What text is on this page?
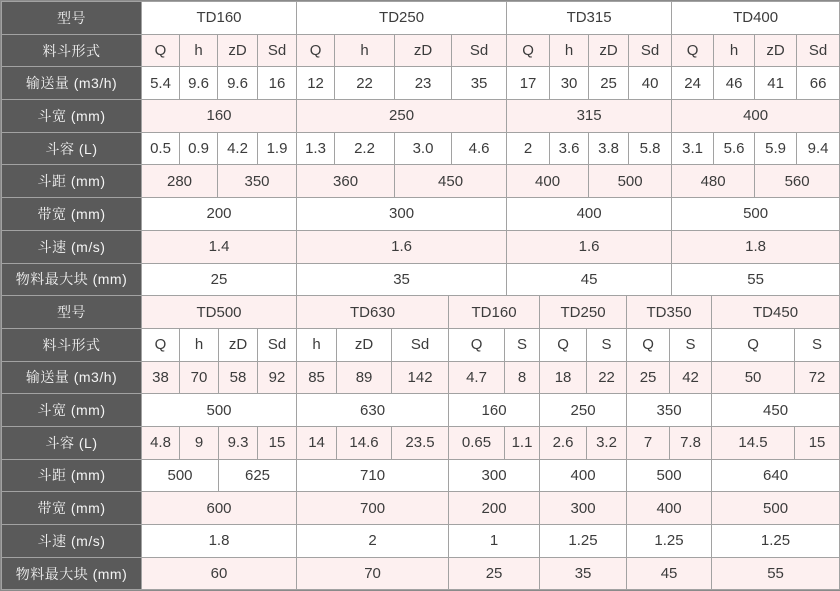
型号	TD160				TD250				TD315				TD400			
料斗形式	Q	h	zD	Sd	Q	h	zD	Sd	Q	h	zD	Sd	Q	h	zD	Sd
输送量 (m3/h)	5.4	9.6	9.6	16	12	22	23	35	17	30	25	40	24	46	41	66
斗宽 (mm)	160				250				315				400			
斗容 (L)	0.5	0.9	4.2	1.9	1.3	2.2	3.0	4.6	2	3.6	3.8	5.8	3.1	5.6	5.9	9.4
斗距 (mm)	280		350		360		450		400		500		480		560	
带宽 (mm)	200				300				400				500			
斗速 (m/s)	1.4				1.6				1.6				1.8			
物料最大块 (mm)	25				35				45				55			
型号	TD500				TD630			TD160		TD250		TD350		TD450	
料斗形式	Q	h	zD	Sd	h	zD	Sd	Q	S	Q	S	Q	S	Q	S
输送量 (m3/h)	38	70	58	92	85	89	142	4.7	8	18	22	25	42	50	72
斗宽 (mm)	500				630			160		250		350		450	
斗容 (L)	4.8	9	9.3	15	14	14.6	23.5	0.65	1.1	2.6	3.2	7	7.8	14.5	15
斗距 (mm)	500		625		710			300		400		500		640	
带宽 (mm)	600				700			200		300		400		500	
斗速 (m/s)	1.8				2			1		1.25		1.25		1.25	
物料最大块 (mm)	60				70			25		35		45		55	
